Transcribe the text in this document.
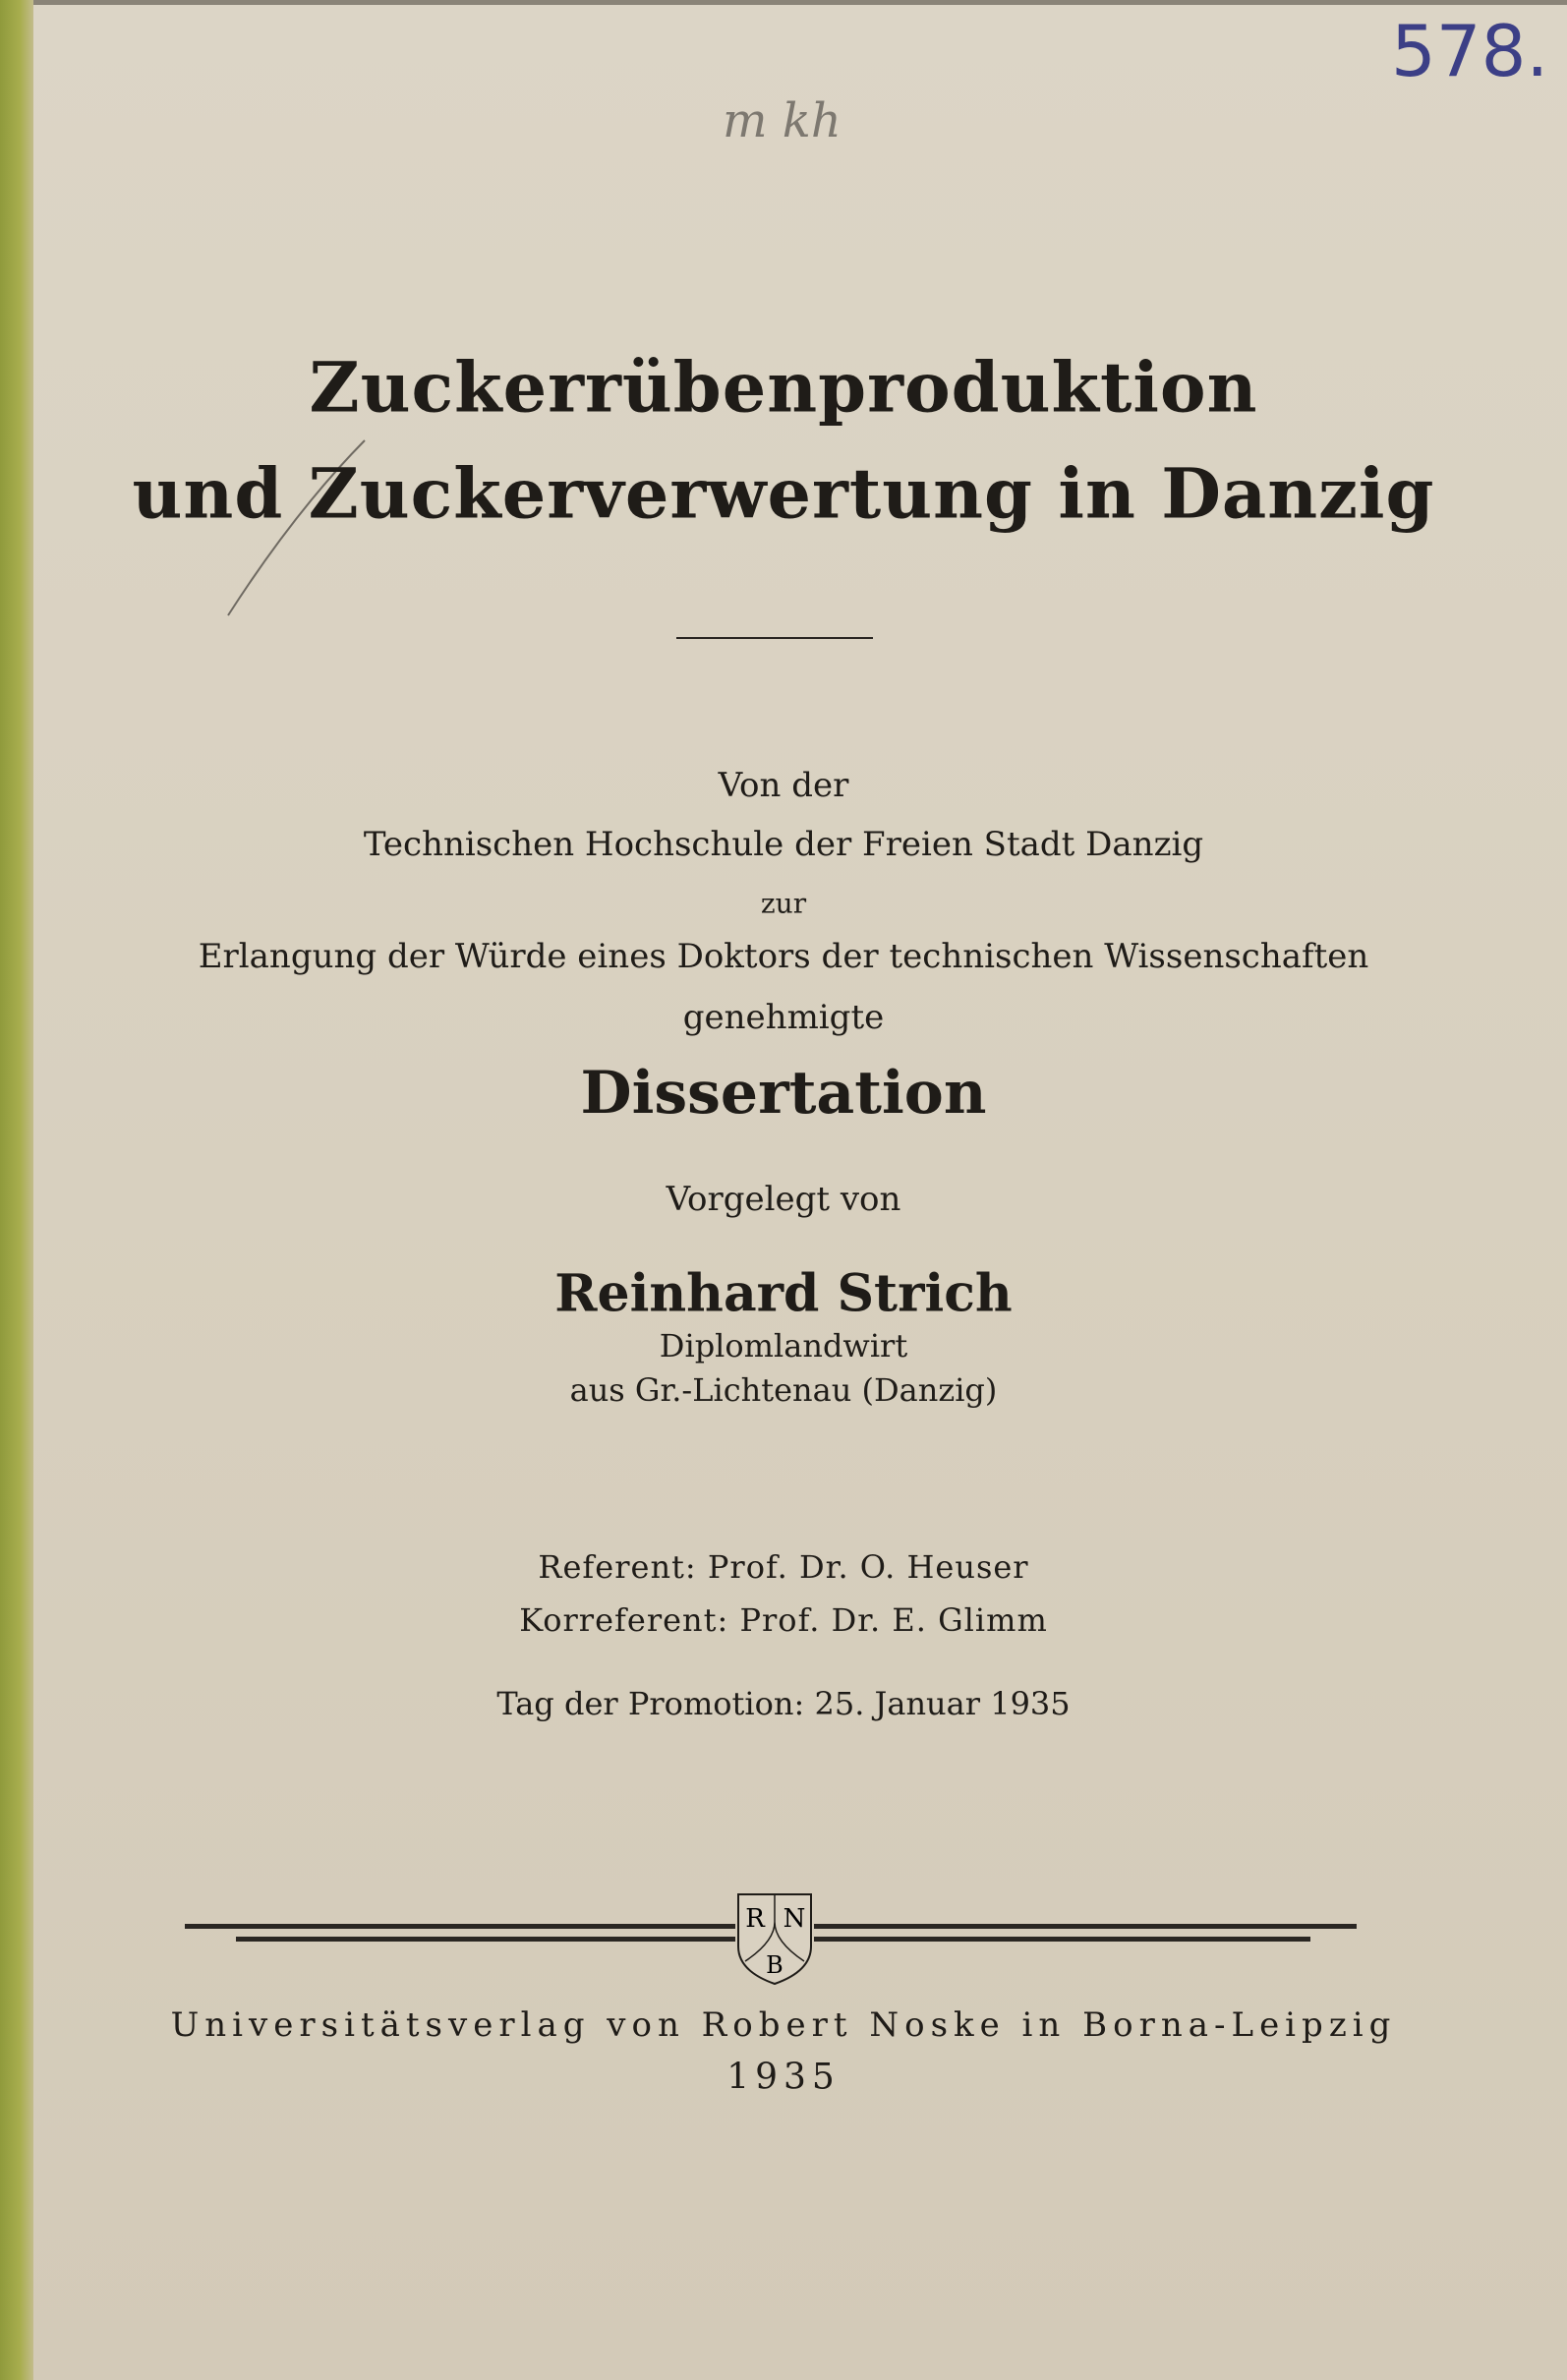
578.
m kh
Zuckerrübenproduktion
und Zuckerverwertung in Danzig
Von der
Technischen Hochschule der Freien Stadt Danzig
zur
Erlangung der Würde eines Doktors der technischen Wissenschaften
genehmigte
Dissertation
Vorgelegt von
Reinhard Strich
Diplomlandwirt
aus Gr.-Lichtenau (Danzig)
Referent: Prof. Dr. O. Heuser
Korreferent: Prof. Dr. E. Glimm
Tag der Promotion: 25. Januar 1935
R N
B
Universitätsverlag von Robert Noske in Borna-Leipzig
1935
